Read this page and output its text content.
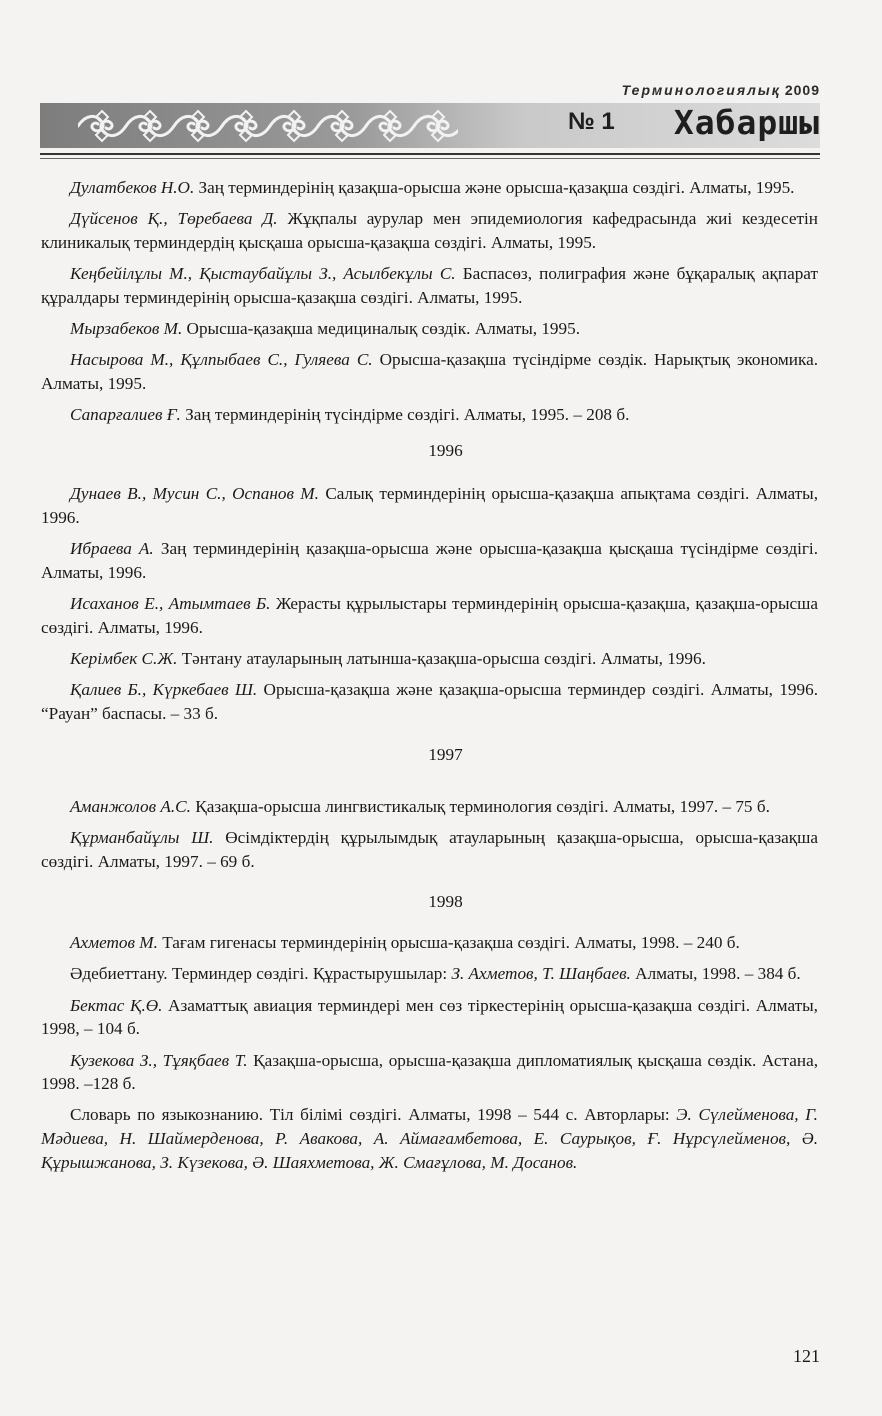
Терминологиялық 2009
№ 1 Хабаршы

Дулатбеков Н.О. Заң терминдерінің қазақша-орысша жəне орысша-қазақша сөздігі. Алматы, 1995.

Дүйсенов Қ., Төребаева Д. Жұқпалы аурулар мен эпидемиология кафедрасында жиі кездесетін клиникалық терминдердің қысқаша орысша-қазақша сөздігі. Алматы, 1995.

Кеңбейілұлы М., Қыстаубайұлы З., Асылбекұлы С. Баспасөз, полиграфия жəне бұқаралық ақпарат құралдары терминдерінің орысша-қазақша сөздігі. Алматы, 1995.

Мырзабеков М. Орысша-қазақша медициналық сөздік. Алматы, 1995.

Насырова М., Құлпыбаев С., Гуляева С. Орысша-қазақша түсіндірме сөздік. Нарықтық экономика. Алматы, 1995.

Сапарғалиев Ғ. Заң терминдерінің түсіндірме сөздігі. Алматы, 1995. – 208 б.

1996

Дунаев В., Мусин С., Оспанов М. Салық терминдерінің орысша-қазақша апықтама сөздігі. Алматы, 1996.

Ибраева А. Заң терминдерінің қазақша-орысша жəне орысша-қазақша қысқаша түсіндірме сөздігі. Алматы, 1996.

Исаханов Е., Атымтаев Б. Жерасты құрылыстары терминдерінің орысша-қазақша, қазақша-орысша сөздігі. Алматы, 1996.

Керімбек С.Ж. Тəнтану атауларының латынша-қазақша-орысша сөздігі. Алматы, 1996.

Қалиев Б., Күркебаев Ш. Орысша-қазақша жəне қазақша-орысша терминдер сөздігі. Алматы, 1996. “Рауан” баспасы. – 33 б.

1997

Аманжолов А.С. Қазақша-орысша лингвистикалық терминология сөздігі. Алматы, 1997. – 75 б.

Құрманбайұлы Ш. Өсімдіктердің құрылымдық атауларының қазақша-орысша, орысша-қазақша сөздігі. Алматы, 1997. – 69 б.

1998

Ахметов М. Тағам гигенасы терминдерінің орысша-қазақша сөздігі. Алматы, 1998. – 240 б.

Əдебиеттану. Терминдер сөздігі. Құрастырушылар: З. Ахметов, Т. Шаңбаев. Алматы, 1998. – 384 б.

Бектас Қ.Ө. Азаматтық авиация терминдері мен сөз тіркестерінің орысша-қазақша сөздігі. Алматы, 1998, – 104 б.

Кузекова З., Тұяқбаев Т. Қазақша-орысша, орысша-қазақша дипломатиялық қысқаша сөздік. Астана, 1998. –128 б.

Словарь по языкознанию. Тіл білімі сөздігі. Алматы, 1998 – 544 с. Авторлары: Э. Сүлейменова, Г. Мәдиева, Н. Шаймерденова, Р. Авакова, А. Аймағамбетова, Е. Саурықов, Ғ. Нұрсүлейменов, Ә. Құрышжанова, З. Күзекова, Ә. Шаяхметова, Ж. Смағұлова, М. Досанов.

121
